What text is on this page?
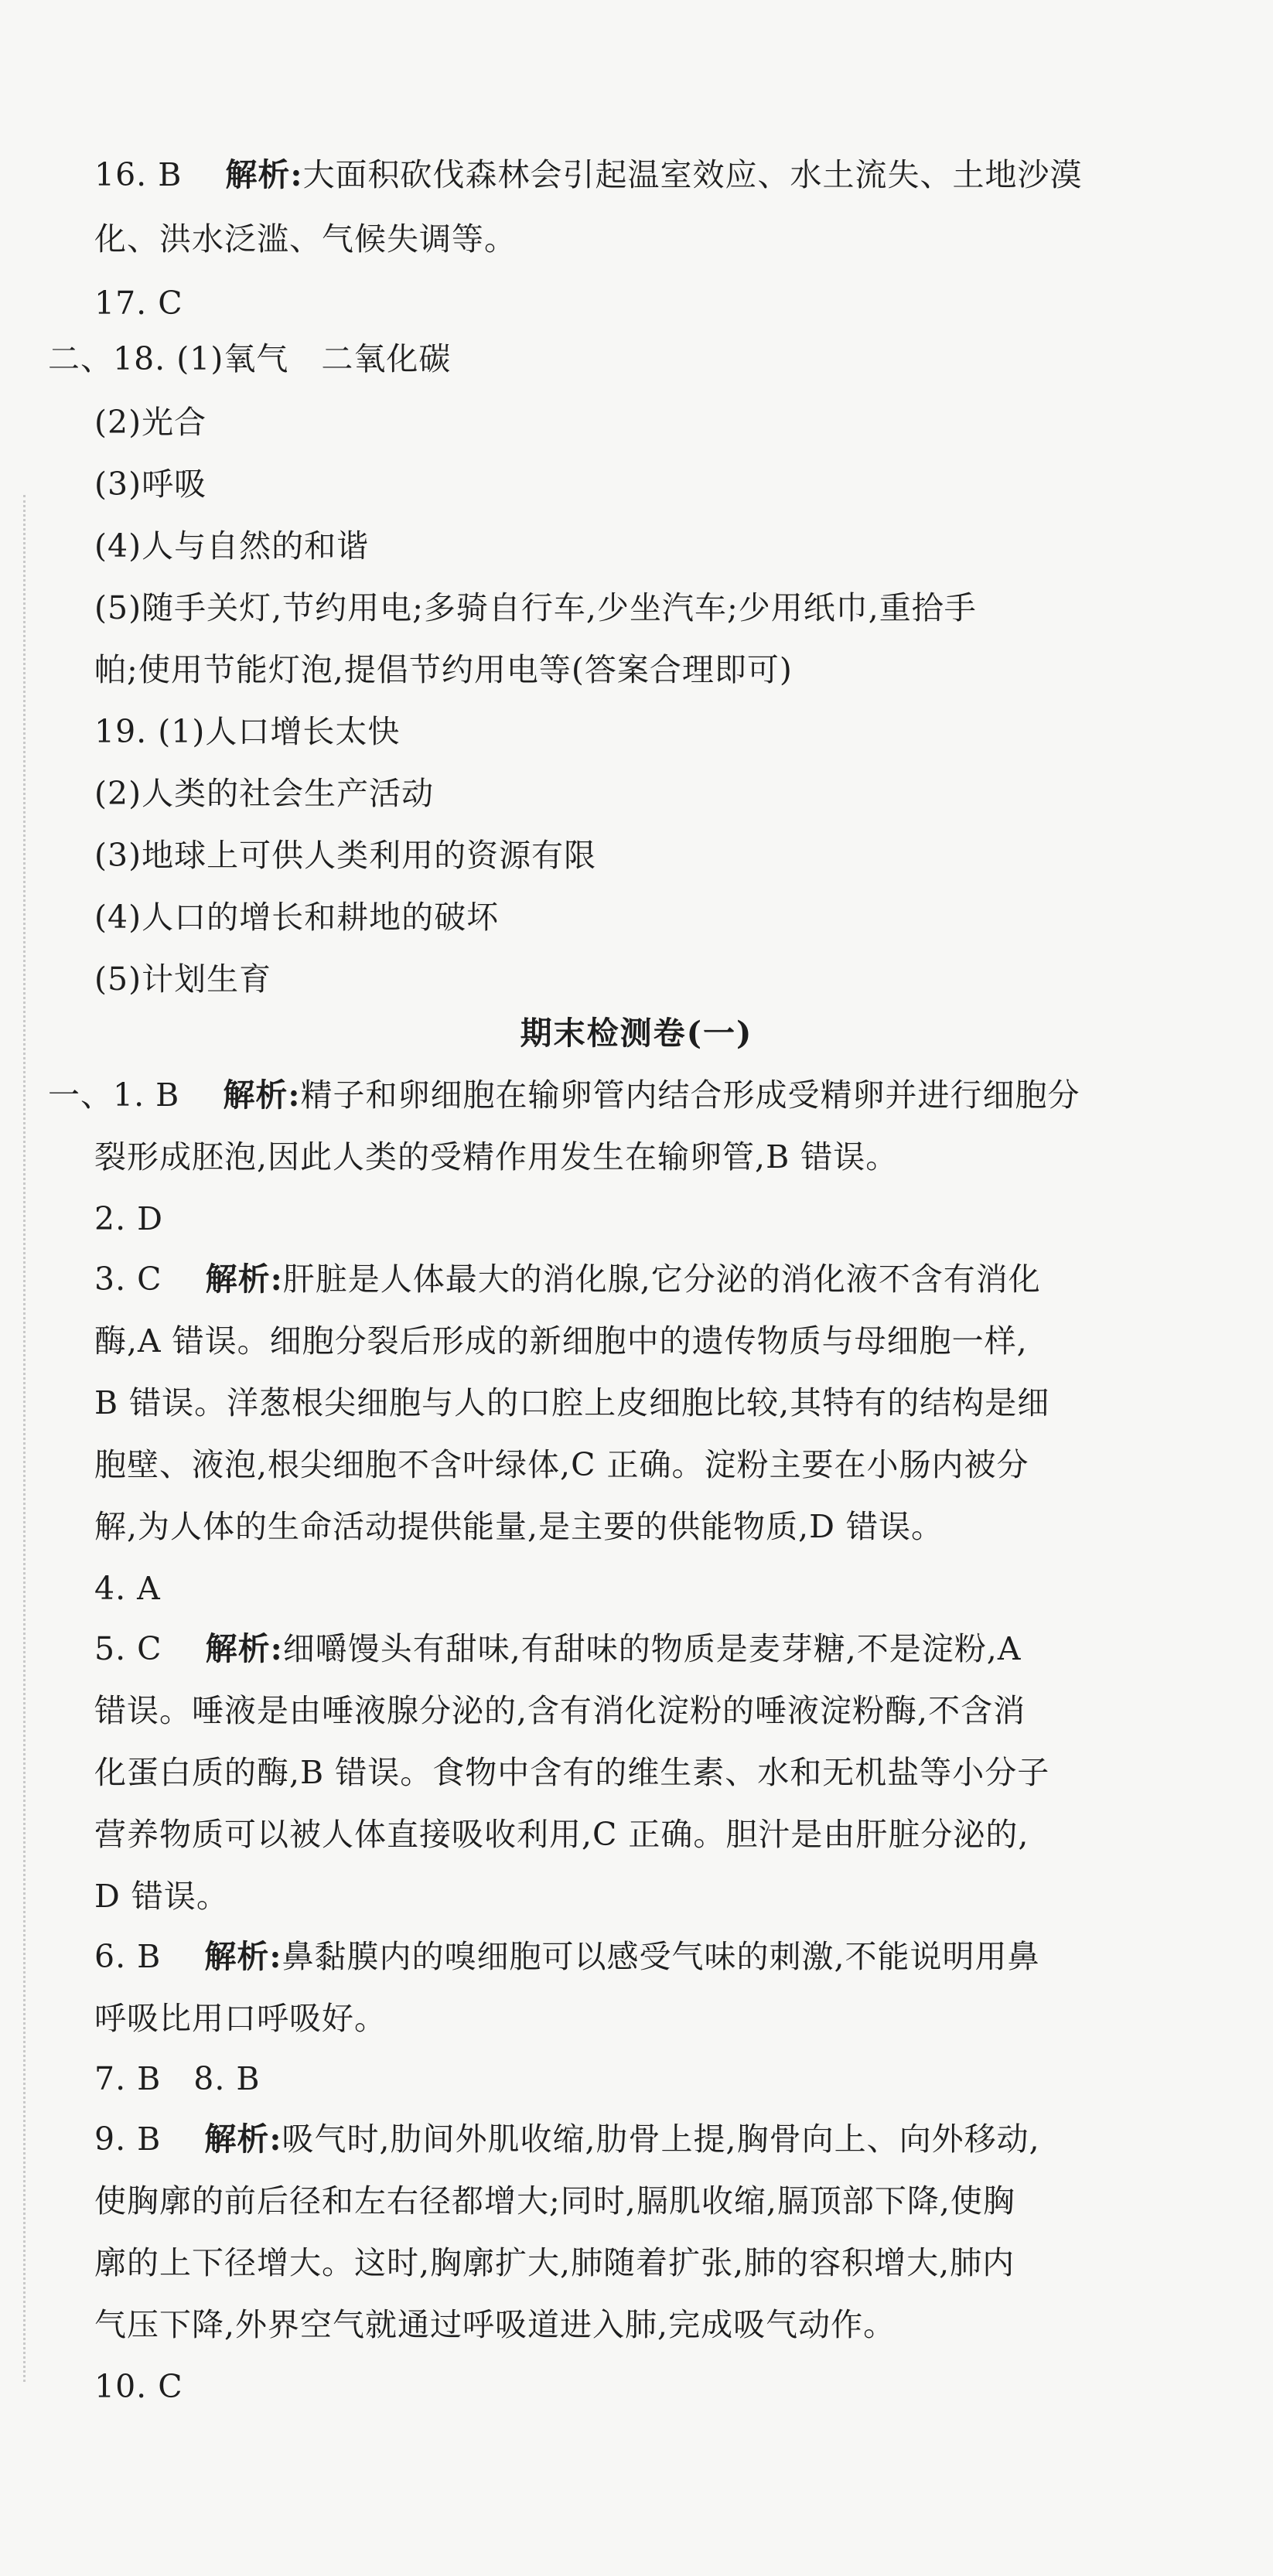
16. B　 解析:大面积砍伐森林会引起温室效应、水土流失、土地沙漠
化、洪水泛滥、气候失调等。
17. C
二、18. (1)氧气　二氧化碳
(2)光合
(3)呼吸
(4)人与自然的和谐
(5)随手关灯,节约用电;多骑自行车,少坐汽车;少用纸巾,重拾手
帕;使用节能灯泡,提倡节约用电等(答案合理即可)
19. (1)人口增长太快
(2)人类的社会生产活动
(3)地球上可供人类利用的资源有限
(4)人口的增长和耕地的破坏
(5)计划生育
期末检测卷(一)
一、1. B　 解析:精子和卵细胞在输卵管内结合形成受精卵并进行细胞分
裂形成胚泡,因此人类的受精作用发生在输卵管,B 错误。
2. D
3. C　 解析:肝脏是人体最大的消化腺,它分泌的消化液不含有消化
酶,A 错误。细胞分裂后形成的新细胞中的遗传物质与母细胞一样,
B 错误。洋葱根尖细胞与人的口腔上皮细胞比较,其特有的结构是细
胞壁、液泡,根尖细胞不含叶绿体,C 正确。淀粉主要在小肠内被分
解,为人体的生命活动提供能量,是主要的供能物质,D 错误。
4. A
5. C　 解析:细嚼馒头有甜味,有甜味的物质是麦芽糖,不是淀粉,A
错误。唾液是由唾液腺分泌的,含有消化淀粉的唾液淀粉酶,不含消
化蛋白质的酶,B 错误。食物中含有的维生素、水和无机盐等小分子
营养物质可以被人体直接吸收利用,C 正确。胆汁是由肝脏分泌的,
D 错误。
6. B　 解析:鼻黏膜内的嗅细胞可以感受气味的刺激,不能说明用鼻
呼吸比用口呼吸好。
7. B　8. B
9. B　 解析:吸气时,肋间外肌收缩,肋骨上提,胸骨向上、向外移动,
使胸廓的前后径和左右径都增大;同时,膈肌收缩,膈顶部下降,使胸
廓的上下径增大。这时,胸廓扩大,肺随着扩张,肺的容积增大,肺内
气压下降,外界空气就通过呼吸道进入肺,完成吸气动作。
10. C
